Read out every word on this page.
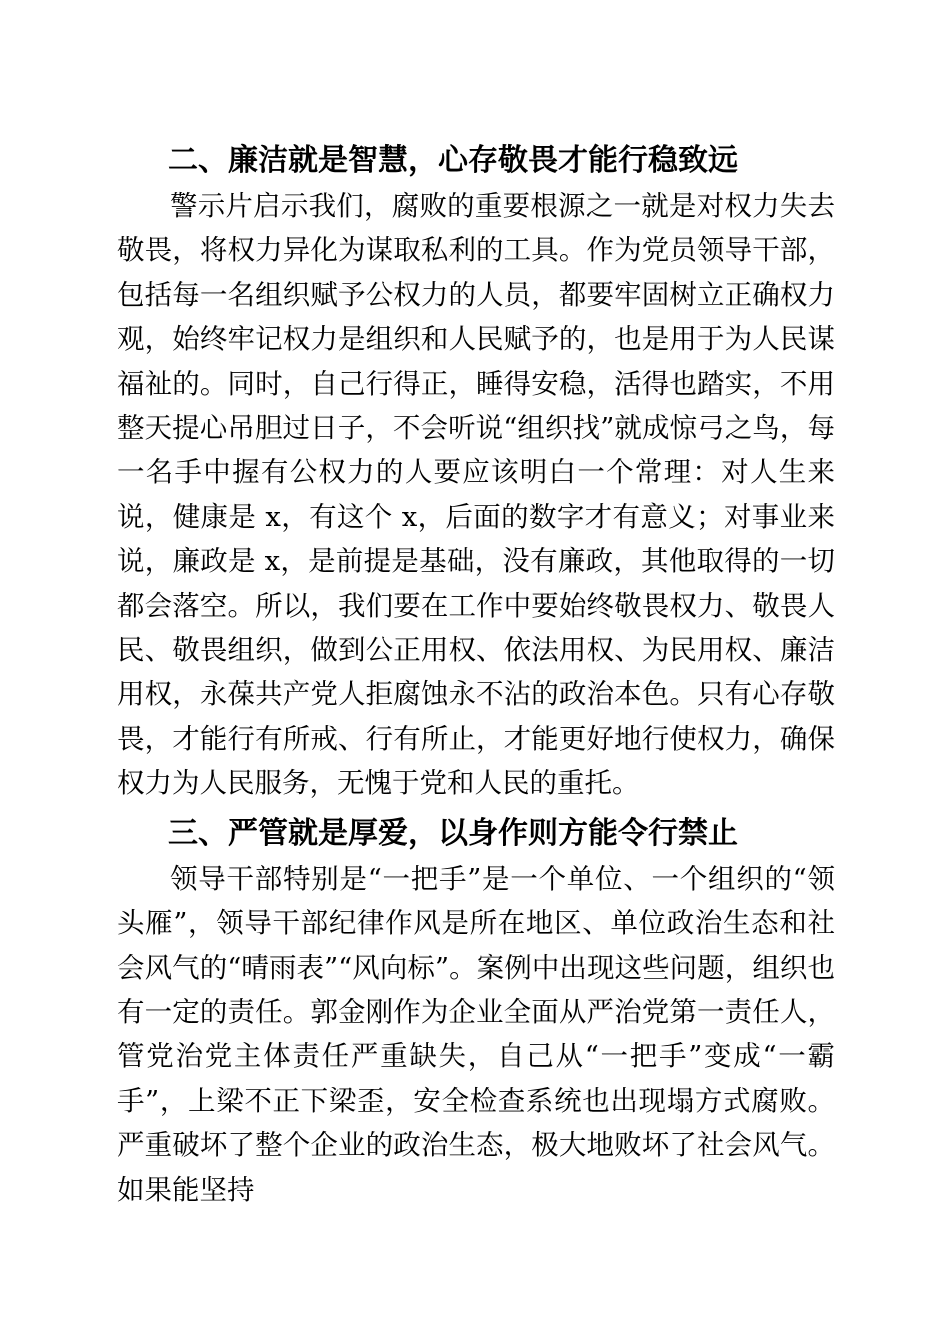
二、廉洁就是智慧，心存敬畏才能行稳致远

警示片启示我们，腐败的重要根源之一就是对权力失去敬畏，将权力异化为谋取私利的工具。作为党员领导干部，包括每一名组织赋予公权力的人员，都要牢固树立正确权力观，始终牢记权力是组织和人民赋予的，也是用于为人民谋福祉的。同时，自己行得正，睡得安稳，活得也踏实，不用整天提心吊胆过日子，不会听说“组织找”就成惊弓之鸟，每一名手中握有公权力的人要应该明白一个常理：对人生来说，健康是 x，有这个 x，后面的数字才有意义；对事业来说，廉政是 x，是前提是基础，没有廉政，其他取得的一切都会落空。所以，我们要在工作中要始终敬畏权力、敬畏人民、敬畏组织，做到公正用权、依法用权、为民用权、廉洁用权，永葆共产党人拒腐蚀永不沾的政治本色。只有心存敬畏，才能行有所戒、行有所止，才能更好地行使权力，确保权力为人民服务，无愧于党和人民的重托。

三、严管就是厚爱，以身作则方能令行禁止

领导干部特别是“一把手”是一个单位、一个组织的“领头雁”，领导干部纪律作风是所在地区、单位政治生态和社会风气的“晴雨表”“风向标”。案例中出现这些问题，组织也有一定的责任。郭金刚作为企业全面从严治党第一责任人，管党治党主体责任严重缺失，自己从“一把手”变成“一霸手”，上梁不正下梁歪，安全检查系统也出现塌方式腐败。严重破坏了整个企业的政治生态，极大地败坏了社会风气。如果能坚持
